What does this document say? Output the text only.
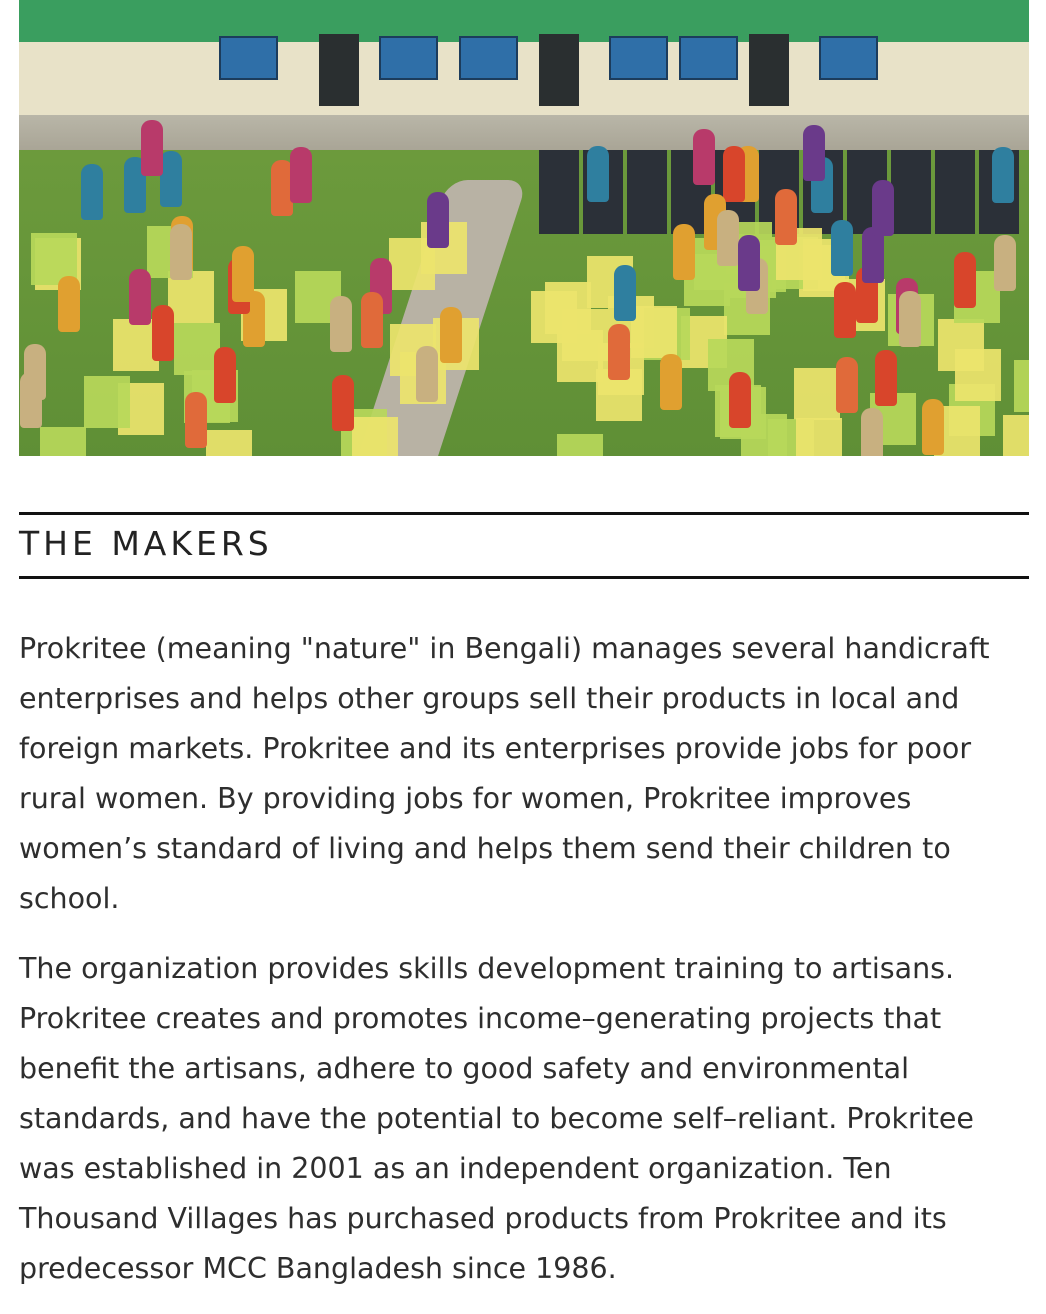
THE MAKERS

Prokritee (meaning "nature" in Bengali) manages several handicraft enterprises and helps other groups sell their products in local and foreign markets. Prokritee and its enterprises provide jobs for poor rural women. By providing jobs for women, Prokritee improves women’s standard of living and helps them send their children to school.

The organization provides skills development training to artisans. Prokritee creates and promotes income–generating projects that benefit the artisans, adhere to good safety and environmental standards, and have the potential to become self–reliant. Prokritee was established in 2001 as an independent organization. Ten Thousand Villages has purchased products from Prokritee and its predecessor MCC Bangladesh since 1986.
